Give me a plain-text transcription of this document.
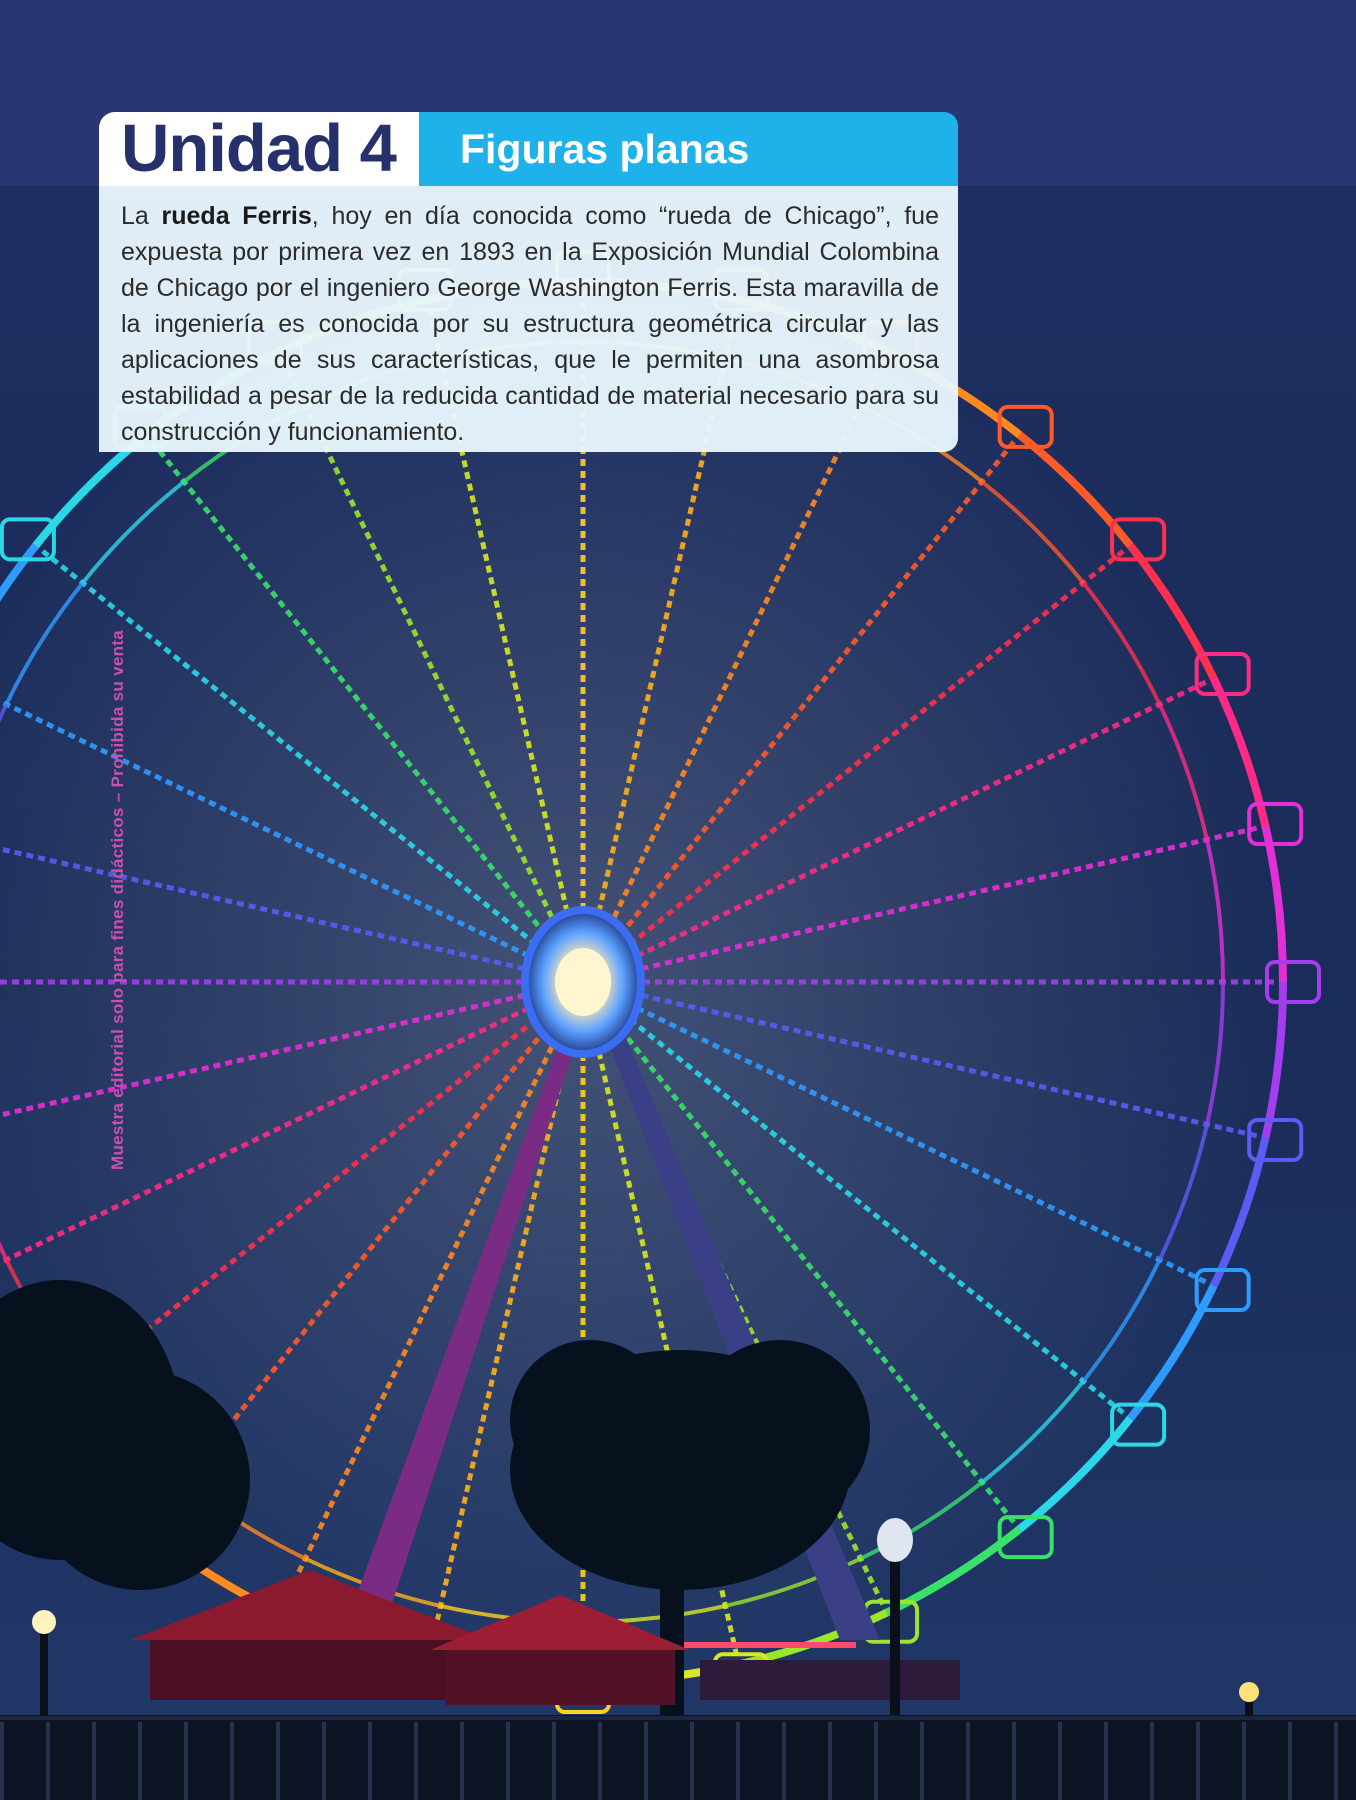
Unidad 4 Figuras planas

La rueda Ferris, hoy en día conocida como “rueda de Chicago”, fue expuesta por primera vez en 1893 en la Exposición Mundial Colombina de Chicago por el ingeniero George Washington Ferris. Esta maravilla de la ingeniería es conocida por su estructura geométrica circular y las aplicaciones de sus características, que le permiten una asombrosa estabilidad a pesar de la reducida cantidad de material necesario para su construcción y funcionamiento.

Muestra editorial solo para fines didácticos – Prohibida su venta
